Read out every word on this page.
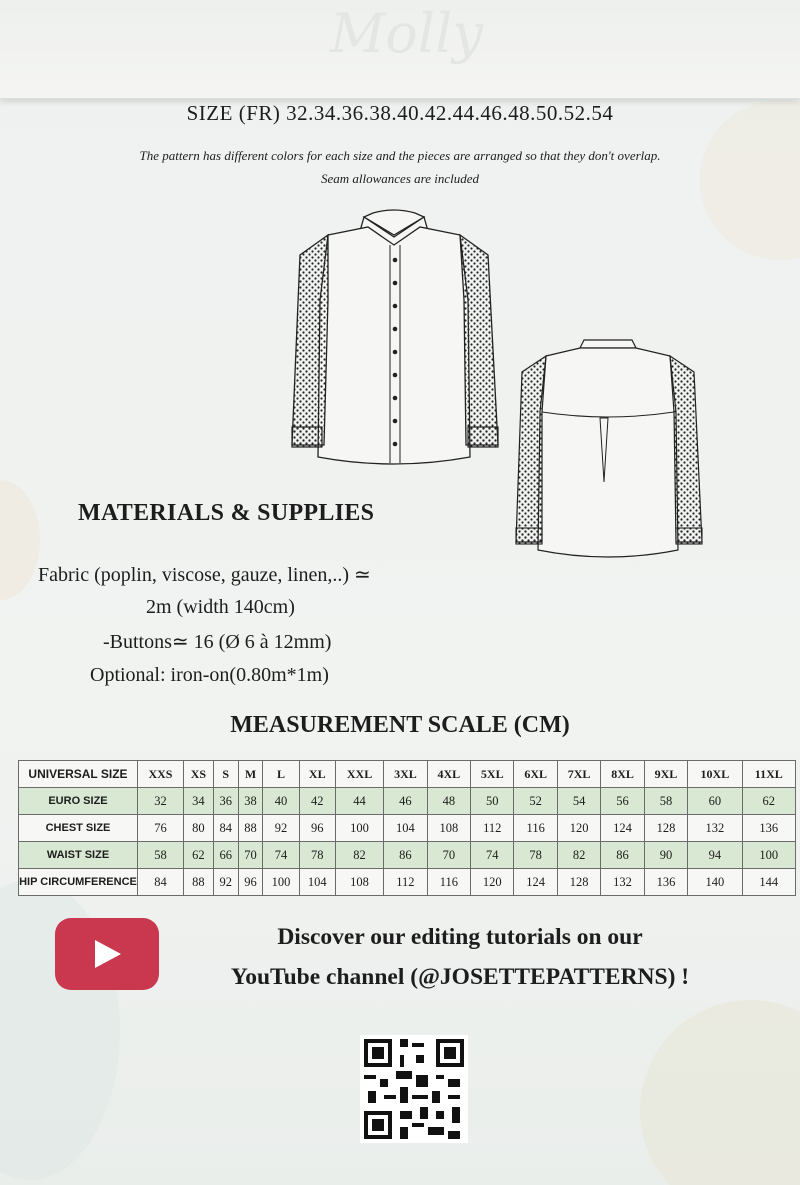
Molly
SIZE (FR) 32.34.36.38.40.42.44.46.48.50.52.54
The pattern has different colors for each size and the pieces are arranged so that they don't overlap.
Seam allowances are included
MATERIALS & SUPPLIES
Fabric (poplin, viscose, gauze, linen,..) ≃
2m (width 140cm)
-Buttons≃ 16 (Ø 6 à 12mm)
Optional: iron-on(0.80m*1m)
MEASUREMENT SCALE (CM)
UNIVERSAL SIZE	XXS	XS	S	M	L	XL	XXL	3XL	4XL	5XL	6XL	7XL	8XL	9XL	10XL	11XL
EURO SIZE	32	34	36	38	40	42	44	46	48	50	52	54	56	58	60	62
CHEST SIZE	76	80	84	88	92	96	100	104	108	112	116	120	124	128	132	136
WAIST SIZE	58	62	66	70	74	78	82	86	70	74	78	82	86	90	94	100
HIP CIRCUMFERENCE	84	88	92	96	100	104	108	112	116	120	124	128	132	136	140	144
Discover our editing tutorials on our
YouTube channel (@JOSETTEPATTERNS) !
